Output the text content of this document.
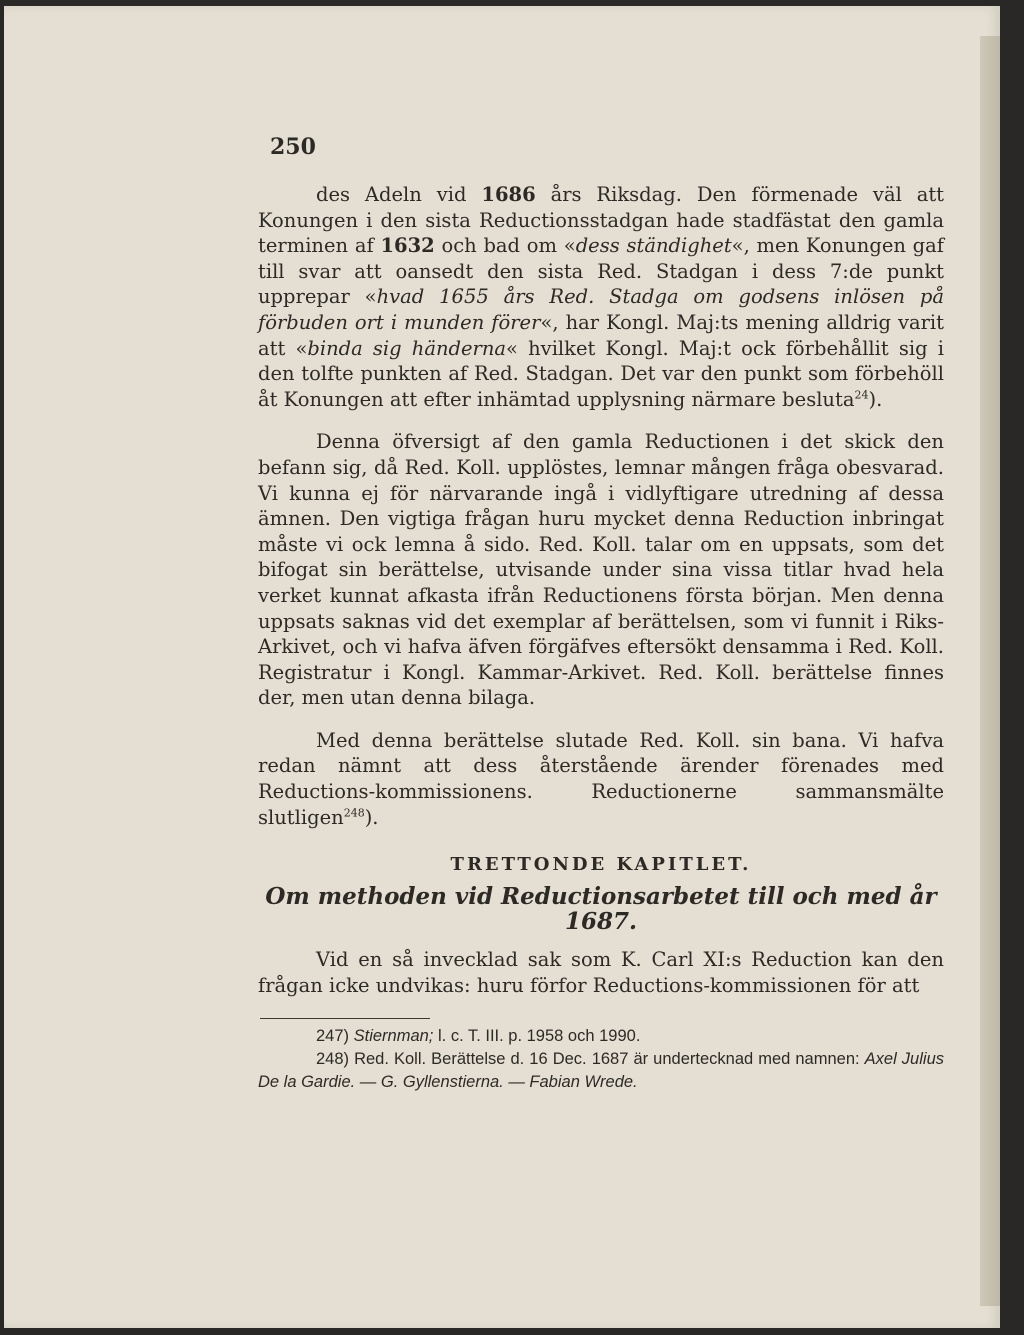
250

des Adeln vid 1686 års Riksdag. Den förmenade väl att Konungen i den sista Reductionsstadgan hade stadfästat den gamla terminen af 1632 och bad om «dess ständighet«, men Konungen gaf till svar att oansedt den sista Red. Stadgan i dess 7:de punkt upprepar «hvad 1655 års Red. Stadga om godsens inlösen på förbuden ort i munden förer«, har Kongl. Maj:ts mening alldrig varit att «binda sig händerna« hvilket Kongl. Maj:t ock förbehållit sig i den tolfte punkten af Red. Stadgan. Det var den punkt som förbehöll åt Konungen att efter inhämtad upplysning närmare besluta$^{24}$).

Denna öfversigt af den gamla Reductionen i det skick den befann sig, då Red. Koll. upplöstes, lemnar mången fråga obesvarad. Vi kunna ej för närvarande ingå i vidlyftigare utredning af dessa ämnen. Den vigtiga frågan huru mycket denna Reduction inbringat måste vi ock lemna å sido. Red. Koll. talar om en uppsats, som det bifogat sin berättelse, utvisande under sina vissa titlar hvad hela verket kunnat afkasta ifrån Reductionens första början. Men denna uppsats saknas vid det exemplar af berättelsen, som vi funnit i Riks-Arkivet, och vi hafva äfven förgäfves eftersökt densamma i Red. Koll. Registratur i Kongl. Kammar-Arkivet. Red. Koll. berättelse finnes der, men utan denna bilaga.

Med denna berättelse slutade Red. Koll. sin bana. Vi hafva redan nämnt att dess återstående ärender förenades med Reductions-kommissionens. Reductionerne sammansmälte slutligen$^{248}$).

TRETTONDE KAPITLET.
Om methoden vid Reductionsarbetet till och med år 1687.

Vid en så invecklad sak som K. Carl XI:s Reduction kan den frågan icke undvikas: huru förfor Reductions-kommissionen för att

247) Stiernman; l. c. T. III. p. 1958 och 1990.

248) Red. Koll. Berättelse d. 16 Dec. 1687 är undertecknad med namnen: Axel Julius De la Gardie. — G. Gyllenstierna. — Fabian Wrede.
